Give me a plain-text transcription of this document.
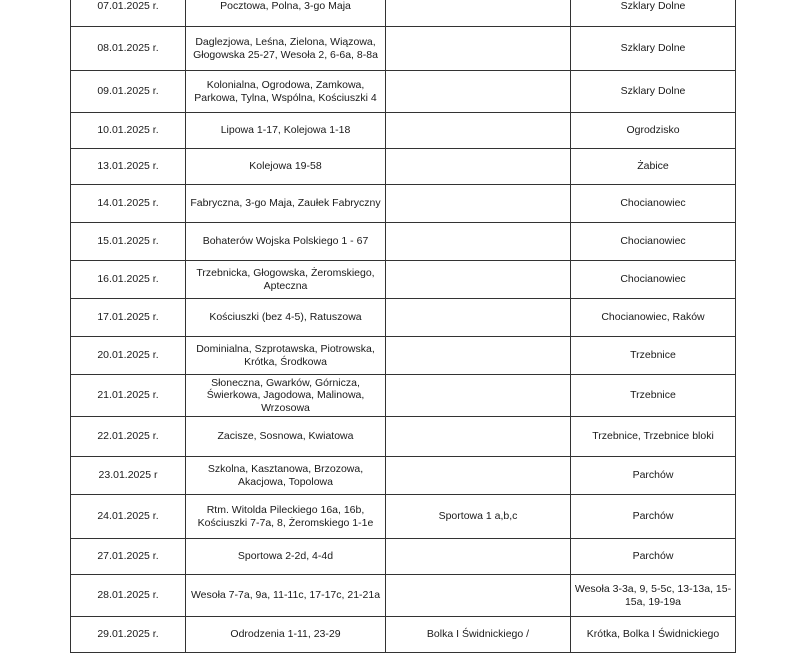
07.01.2025 r.	Pocztowa, Polna, 3-go Maja		Szklary Dolne
08.01.2025 r.	Daglezjowa, Leśna, Zielona, Wiązowa, Głogowska 25-27, Wesoła 2, 6-6a, 8-8a		Szklary Dolne
09.01.2025 r.	Kolonialna, Ogrodowa, Zamkowa, Parkowa, Tylna, Wspólna, Kościuszki 4		Szklary Dolne
10.01.2025 r.	Lipowa 1-17, Kolejowa 1-18		Ogrodzisko
13.01.2025 r.	Kolejowa 19-58		Żabice
14.01.2025 r.	Fabryczna, 3-go Maja, Zaułek Fabryczny		Chocianowiec
15.01.2025 r.	Bohaterów Wojska Polskiego 1 - 67		Chocianowiec
16.01.2025 r.	Trzebnicka, Głogowska, Żeromskiego, Apteczna		Chocianowiec
17.01.2025 r.	Kościuszki (bez 4-5), Ratuszowa		Chocianowiec, Raków
20.01.2025 r.	Dominialna, Szprotawska, Piotrowska, Krótka, Środkowa		Trzebnice
21.01.2025 r.	Słoneczna, Gwarków, Górnicza, Świerkowa, Jagodowa, Malinowa, Wrzosowa		Trzebnice
22.01.2025 r.	Zacisze, Sosnowa, Kwiatowa		Trzebnice, Trzebnice bloki
23.01.2025 r	Szkolna, Kasztanowa, Brzozowa, Akacjowa, Topolowa		Parchów
24.01.2025 r.	Rtm. Witolda Pileckiego 16a, 16b, Kościuszki 7-7a, 8, Żeromskiego 1-1e	Sportowa 1 a,b,c	Parchów
27.01.2025 r.	Sportowa 2-2d, 4-4d		Parchów
28.01.2025 r.	Wesoła 7-7a, 9a, 11-11c, 17-17c, 21-21a		Wesoła 3-3a, 9, 5-5c, 13-13a, 15-15a, 19-19a
29.01.2025 r.	Odrodzenia 1-11, 23-29	Bolka I Świdnickiego /	Krótka, Bolka I Świdnickiego
